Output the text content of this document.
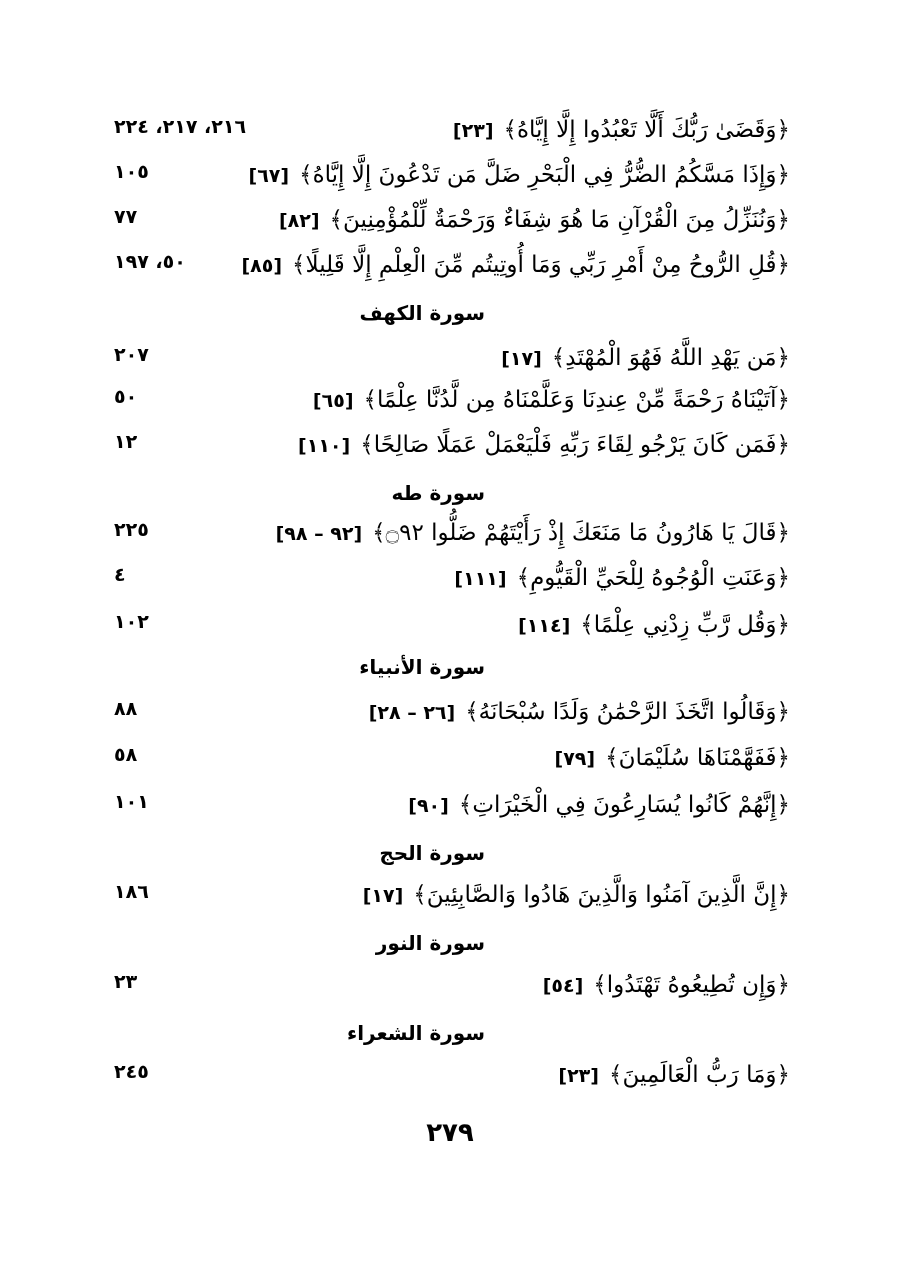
﴿وَقَضَىٰ رَبُّكَ أَلَّا تَعْبُدُوا إِلَّا إِيَّاهُ﴾[٢٣]
٢١٦، ٢١٧، ٢٢٤
﴿وَإِذَا مَسَّكُمُ الضُّرُّ فِي الْبَحْرِ ضَلَّ مَن تَدْعُونَ إِلَّا إِيَّاهُ﴾[٦٧]
١٠٥
﴿وَنُنَزِّلُ مِنَ الْقُرْآنِ مَا هُوَ شِفَاءٌ وَرَحْمَةٌ لِّلْمُؤْمِنِينَ﴾[٨٢]
٧٧
﴿قُلِ الرُّوحُ مِنْ أَمْرِ رَبِّي وَمَا أُوتِيتُم مِّنَ الْعِلْمِ إِلَّا قَلِيلًا﴾[٨٥]
٥٠، ١٩٧
سورة الكهف
﴿مَن يَهْدِ اللَّهُ فَهُوَ الْمُهْتَدِ﴾[١٧]
٢٠٧
﴿آتَيْنَاهُ رَحْمَةً مِّنْ عِندِنَا وَعَلَّمْنَاهُ مِن لَّدُنَّا عِلْمًا﴾[٦٥]
٥٠
﴿فَمَن كَانَ يَرْجُو لِقَاءَ رَبِّهِ فَلْيَعْمَلْ عَمَلًا صَالِحًا﴾[١١٠]
١٢
سورة طه
﴿قَالَ يَا هَارُونُ مَا مَنَعَكَ إِذْ رَأَيْتَهُمْ ضَلُّوا ۝٩٢﴾[٩٢ – ٩٨]
٢٢٥
﴿وَعَنَتِ الْوُجُوهُ لِلْحَيِّ الْقَيُّومِ﴾[١١١]
٤
﴿وَقُل رَّبِّ زِدْنِي عِلْمًا﴾[١١٤]
١٠٢
سورة الأنبياء
﴿وَقَالُوا اتَّخَذَ الرَّحْمَٰنُ وَلَدًا سُبْحَانَهُ﴾[٢٦ – ٢٨]
٨٨
﴿فَفَهَّمْنَاهَا سُلَيْمَانَ﴾[٧٩]
٥٨
﴿إِنَّهُمْ كَانُوا يُسَارِعُونَ فِي الْخَيْرَاتِ﴾[٩٠]
١٠١
سورة الحج
﴿إِنَّ الَّذِينَ آمَنُوا وَالَّذِينَ هَادُوا وَالصَّابِئِينَ﴾[١٧]
١٨٦
سورة النور
﴿وَإِن تُطِيعُوهُ تَهْتَدُوا﴾[٥٤]
٢٣
سورة الشعراء
﴿وَمَا رَبُّ الْعَالَمِينَ﴾[٢٣]
٢٤٥
٢٧٩
